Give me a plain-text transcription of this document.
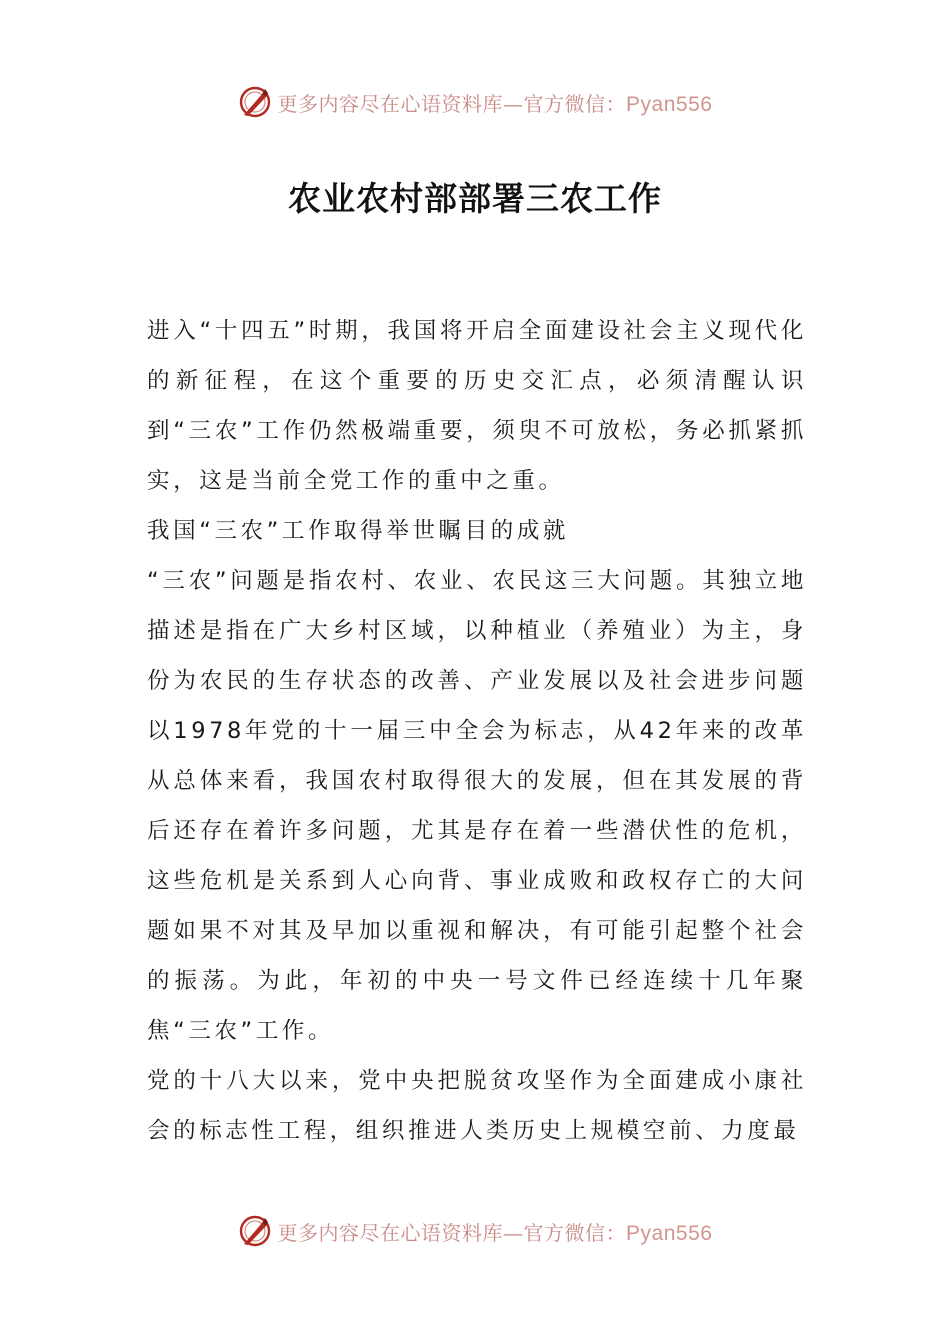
更多内容尽在心语资料库—官方微信：Pyan556
农业农村部部署三农工作

进入“十四五”时期，我国将开启全面建设社会主义现代化的新征程，在这个重要的历史交汇点，必须清醒认识到“三农”工作仍然极端重要，须臾不可放松，务必抓紧抓实，这是当前全党工作的重中之重。

我国“三农”工作取得举世瞩目的成就

“三农”问题是指农村、农业、农民这三大问题。其独立地描述是指在广大乡村区域，以种植业（养殖业）为主，身份为农民的生存状态的改善、产业发展以及社会进步问题以1978年党的十一届三中全会为标志，从42年来的改革从总体来看，我国农村取得很大的发展，但在其发展的背后还存在着许多问题，尤其是存在着一些潜伏性的危机，这些危机是关系到人心向背、事业成败和政权存亡的大问题如果不对其及早加以重视和解决，有可能引起整个社会的振荡。为此，年初的中央一号文件已经连续十几年聚焦“三农”工作。

党的十八大以来，党中央把脱贫攻坚作为全面建成小康社会的标志性工程，组织推进人类历史上规模空前、力度最

更多内容尽在心语资料库—官方微信：Pyan556
